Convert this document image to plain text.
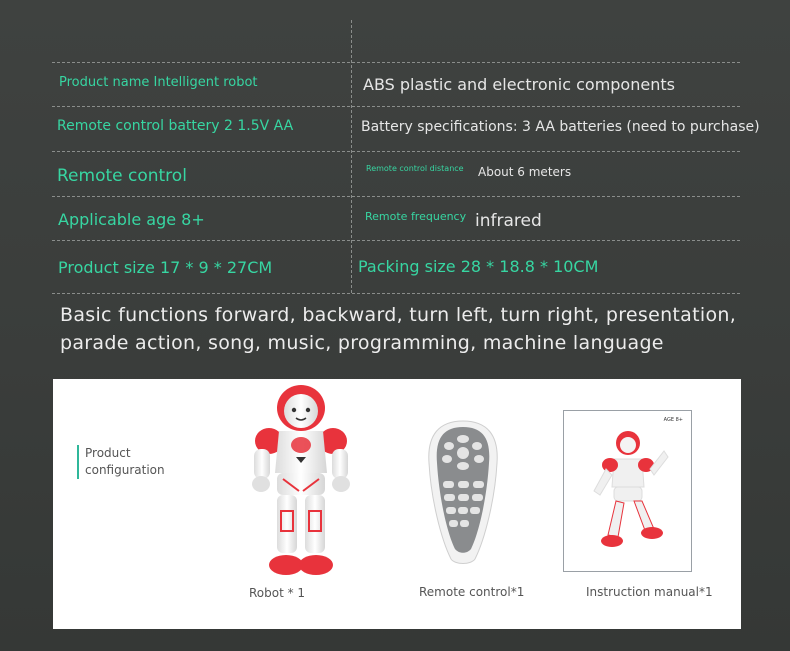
Product name Intelligent robot	ABS plastic and electronic components
Remote control battery 2 1.5V AA	Battery specifications: 3 AA batteries (need to purchase)
Remote control	Remote control distance About 6 meters
Applicable age 8+	Remote frequency infrared
Product size 17 * 9 * 27CM	Packing size 28 * 18.8 * 10CM
Basic functions forward, backward, turn left, turn right, presentation,
parade action, song, music, programming, machine language
Product
configuration
AGE 8+
Robot * 1	Remote control*1	Instruction manual*1
